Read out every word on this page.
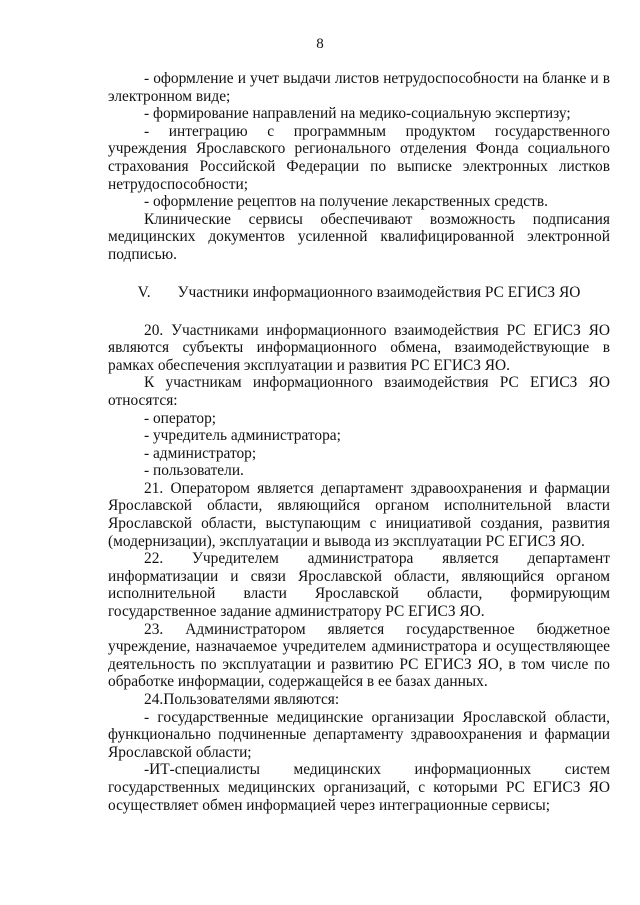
8

- оформление и учет выдачи листов нетрудоспособности на бланке и в электронном виде;

- формирование направлений на медико-социальную экспертизу;

- интеграцию с программным продуктом государственного учреждения Ярославского регионального отделения Фонда социального страхования Российской Федерации по выписке электронных листков нетрудоспособности;

- оформление рецептов на получение лекарственных средств.

Клинические сервисы обеспечивают возможность подписания медицинских документов усиленной квалифицированной электронной подписью.

V. Участники информационного взаимодействия РС ЕГИСЗ ЯО

20. Участниками информационного взаимодействия РС ЕГИСЗ ЯО являются субъекты информационного обмена, взаимодействующие в рамках обеспечения эксплуатации и развития РС ЕГИСЗ ЯО.

К участникам информационного взаимодействия РС ЕГИСЗ ЯО относятся:

- оператор;

- учредитель администратора;

- администратор;

- пользователи.

21. Оператором является департамент здравоохранения и фармации Ярославской области, являющийся органом исполнительной власти Ярославской области, выступающим с инициативой создания, развития (модернизации), эксплуатации и вывода из эксплуатации РС ЕГИСЗ ЯО.

22. Учредителем администратора является департамент информатизации и связи Ярославской области, являющийся органом исполнительной власти Ярославской области, формирующим государственное задание администратору РС ЕГИСЗ ЯО.

23. Администратором является государственное бюджетное учреждение, назначаемое учредителем администратора и осуществляющее деятельность по эксплуатации и развитию РС ЕГИСЗ ЯО, в том числе по обработке информации, содержащейся в ее базах данных.

24.Пользователями являются:

- государственные медицинские организации Ярославской области, функционально подчиненные департаменту здравоохранения и фармации Ярославской области;

-ИТ-специалисты медицинских информационных систем государственных медицинских организаций, с которыми РС ЕГИСЗ ЯО осуществляет обмен информацией через интеграционные сервисы;
